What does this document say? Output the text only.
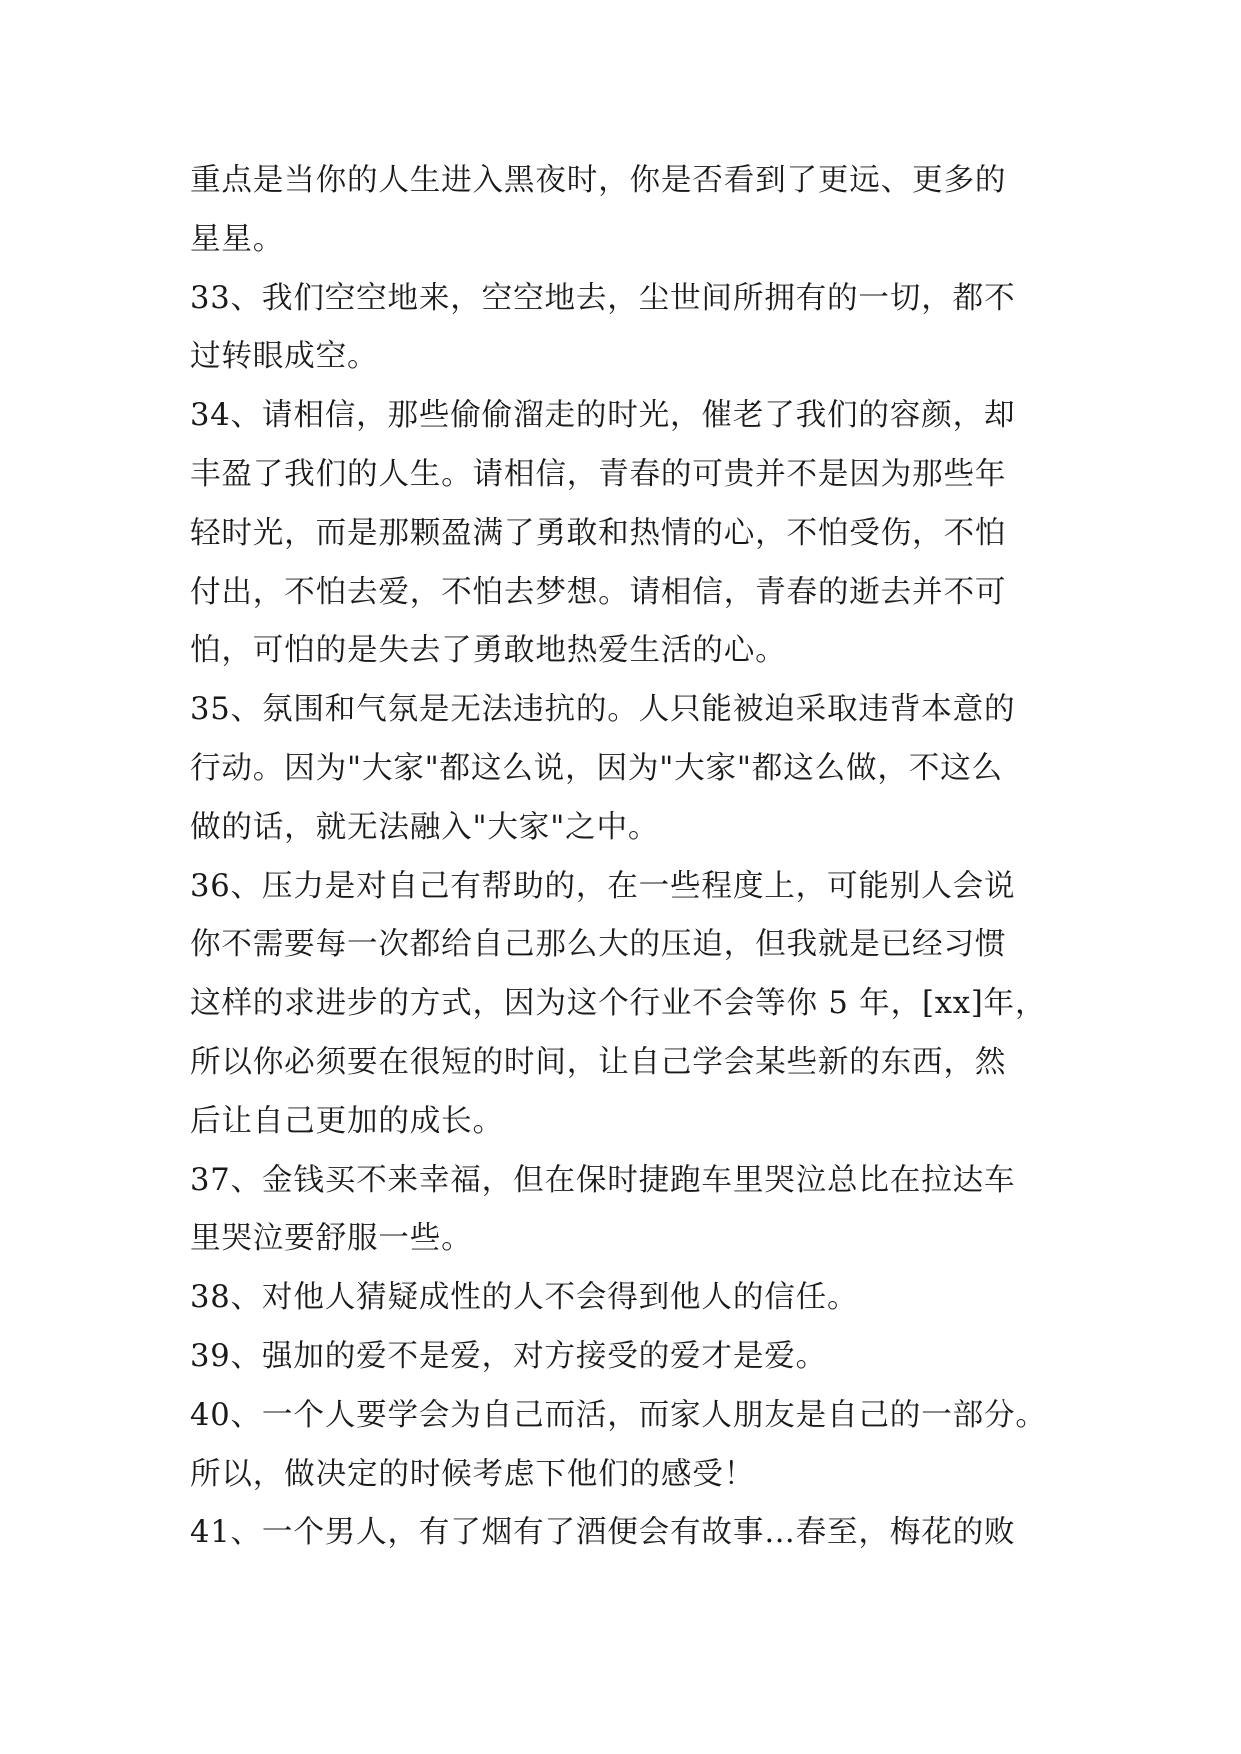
重点是当你的人生进入黑夜时，你是否看到了更远、更多的
星星。
33、我们空空地来，空空地去，尘世间所拥有的一切，都不
过转眼成空。
34、请相信，那些偷偷溜走的时光，催老了我们的容颜，却
丰盈了我们的人生。请相信，青春的可贵并不是因为那些年
轻时光，而是那颗盈满了勇敢和热情的心，不怕受伤，不怕
付出，不怕去爱，不怕去梦想。请相信，青春的逝去并不可
怕，可怕的是失去了勇敢地热爱生活的心。
35、氛围和气氛是无法违抗的。人只能被迫采取违背本意的
行动。因为"大家"都这么说，因为"大家"都这么做，不这么
做的话，就无法融入"大家"之中。
36、压力是对自己有帮助的，在一些程度上，可能别人会说
你不需要每一次都给自己那么大的压迫，但我就是已经习惯
这样的求进步的方式，因为这个行业不会等你 5 年，[xx]年，
所以你必须要在很短的时间，让自己学会某些新的东西，然
后让自己更加的成长。
37、金钱买不来幸福，但在保时捷跑车里哭泣总比在拉达车
里哭泣要舒服一些。
38、对他人猜疑成性的人不会得到他人的信任。
39、强加的爱不是爱，对方接受的爱才是爱。
40、一个人要学会为自己而活，而家人朋友是自己的一部分。
所以，做决定的时候考虑下他们的感受！
41、一个男人，有了烟有了酒便会有故事…春至，梅花的败
